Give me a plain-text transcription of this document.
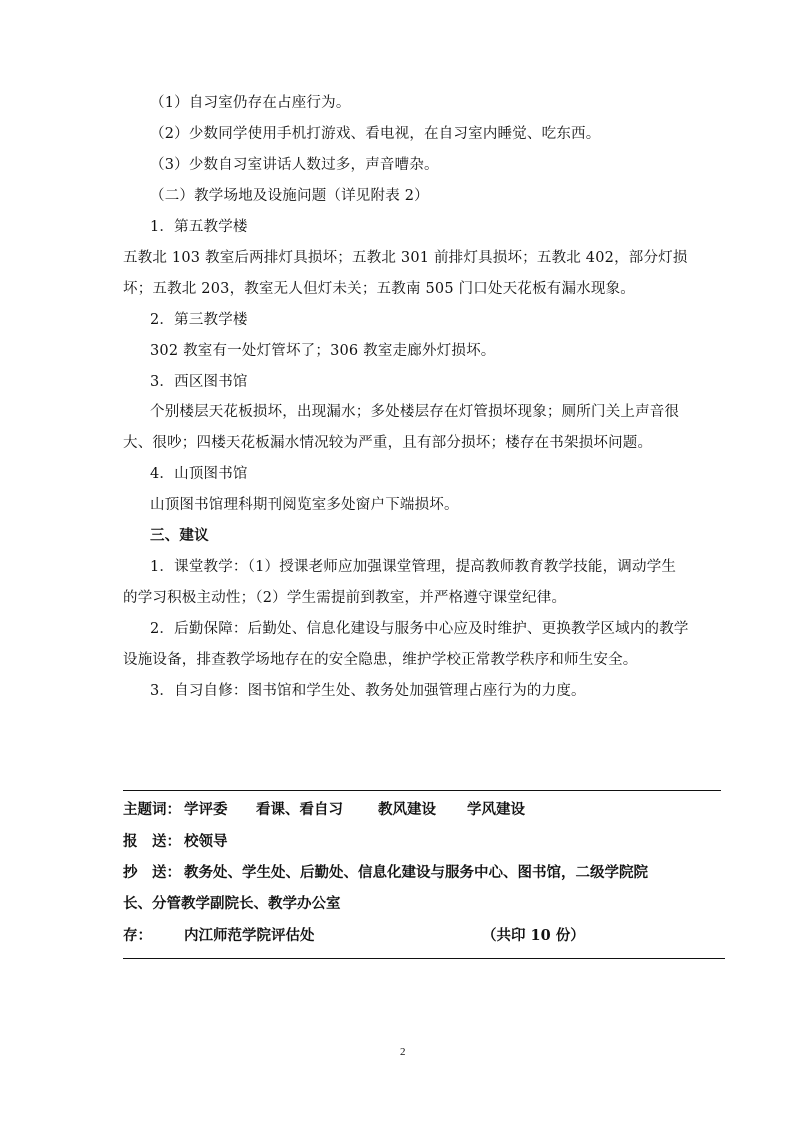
（1）自习室仍存在占座行为。
（2）少数同学使用手机打游戏、看电视，在自习室内睡觉、吃东西。
（3）少数自习室讲话人数过多，声音嘈杂。
（二）教学场地及设施问题（详见附表 2）
1．第五教学楼
五教北 103 教室后两排灯具损坏；五教北 301 前排灯具损坏；五教北 402，部分灯损
坏；五教北 203，教室无人但灯未关；五教南 505 门口处天花板有漏水现象。
2．第三教学楼
302 教室有一处灯管坏了；306 教室走廊外灯损坏。
3．西区图书馆
个别楼层天花板损坏，出现漏水；多处楼层存在灯管损坏现象；厕所门关上声音很
大、很吵；四楼天花板漏水情况较为严重，且有部分损坏；楼存在书架损坏问题。
4．山顶图书馆
山顶图书馆理科期刊阅览室多处窗户下端损坏。
三、建议
1．课堂教学：（1）授课老师应加强课堂管理，提高教师教育教学技能，调动学生
的学习积极主动性；（2）学生需提前到教室，并严格遵守课堂纪律。
2．后勤保障：后勤处、信息化建设与服务中心应及时维护、更换教学区域内的教学
设施设备，排查教学场地存在的安全隐患，维护学校正常教学秩序和师生安全。
3．自习自修：图书馆和学生处、教务处加强管理占座行为的力度。
主题词： 学评委 看课、看自习 教风建设 学风建设
报　送： 校领导
抄　送： 教务处、学生处、后勤处、信息化建设与服务中心、图书馆，二级学院院
长、分管教学副院长、教学办公室
存： 内江师范学院评估处	（共印 10 份）
2
